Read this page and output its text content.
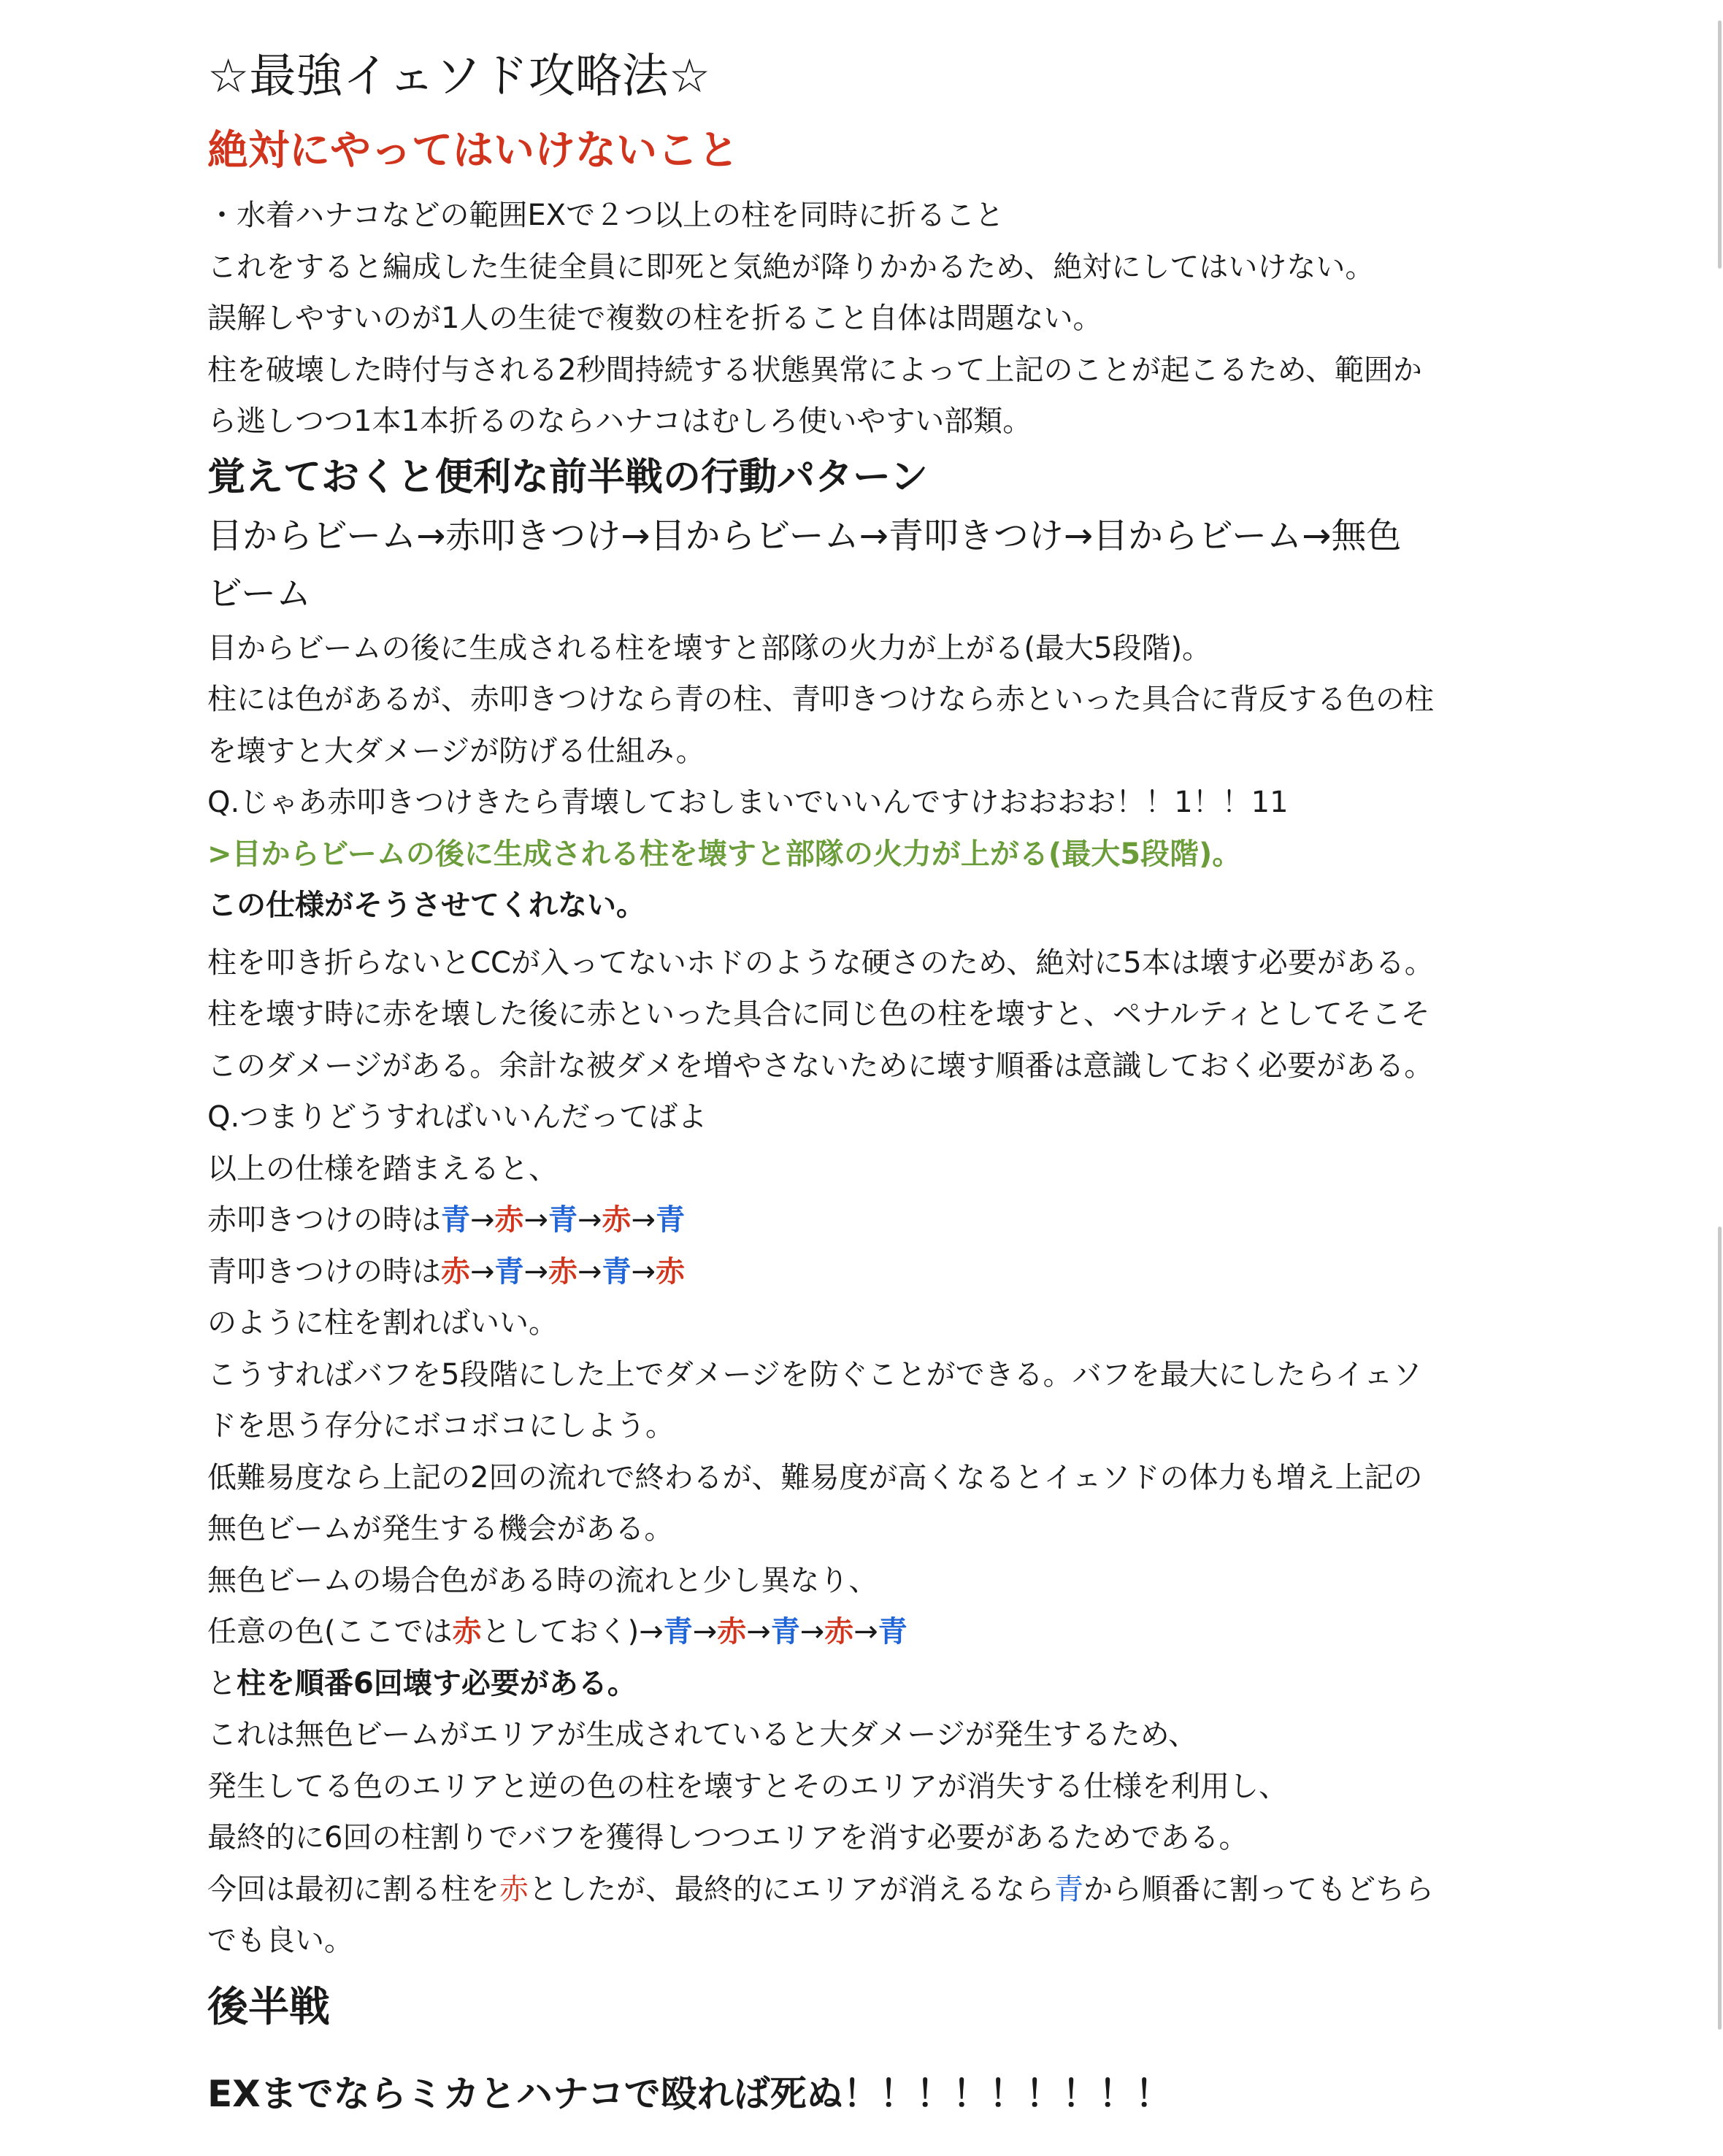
☆最強イェソド攻略法☆
絶対にやってはいけないこと
・水着ハナコなどの範囲EXで２つ以上の柱を同時に折ること
これをすると編成した生徒全員に即死と気絶が降りかかるため、絶対にしてはいけない。
誤解しやすいのが1人の生徒で複数の柱を折ること自体は問題ない。
柱を破壊した時付与される2秒間持続する状態異常によって上記のことが起こるため、範囲か
ら逃しつつ1本1本折るのならハナコはむしろ使いやすい部類。
覚えておくと便利な前半戦の行動パターン
目からビーム→赤叩きつけ→目からビーム→青叩きつけ→目からビーム→無色
ビーム
目からビームの後に生成される柱を壊すと部隊の火力が上がる(最大5段階)。
柱には色があるが、赤叩きつけなら青の柱、青叩きつけなら赤といった具合に背反する色の柱
を壊すと大ダメージが防げる仕組み。
Q.じゃあ赤叩きつけきたら青壊しておしまいでいいんですけおおおお！！1！！11
>目からビームの後に生成される柱を壊すと部隊の火力が上がる(最大5段階)。
この仕様がそうさせてくれない。
柱を叩き折らないとCCが入ってないホドのような硬さのため、絶対に5本は壊す必要がある。
柱を壊す時に赤を壊した後に赤といった具合に同じ色の柱を壊すと、ペナルティとしてそこそ
このダメージがある。余計な被ダメを増やさないために壊す順番は意識しておく必要がある。
Q.つまりどうすればいいんだってばよ
以上の仕様を踏まえると、
赤叩きつけの時は青→赤→青→赤→青
青叩きつけの時は赤→青→赤→青→赤
のように柱を割ればいい。
こうすればバフを5段階にした上でダメージを防ぐことができる。バフを最大にしたらイェソ
ドを思う存分にボコボコにしよう。
低難易度なら上記の2回の流れで終わるが、難易度が高くなるとイェソドの体力も増え上記の
無色ビームが発生する機会がある。
無色ビームの場合色がある時の流れと少し異なり、
任意の色(ここでは赤としておく)→青→赤→青→赤→青
と柱を順番6回壊す必要がある。
これは無色ビームがエリアが生成されていると大ダメージが発生するため、
発生してる色のエリアと逆の色の柱を壊すとそのエリアが消失する仕様を利用し、
最終的に6回の柱割りでバフを獲得しつつエリアを消す必要があるためである。
今回は最初に割る柱を赤としたが、最終的にエリアが消えるなら青から順番に割ってもどちら
でも良い。
後半戦
EXまでならミカとハナコで殴れば死ぬ！！！！！！！！！
